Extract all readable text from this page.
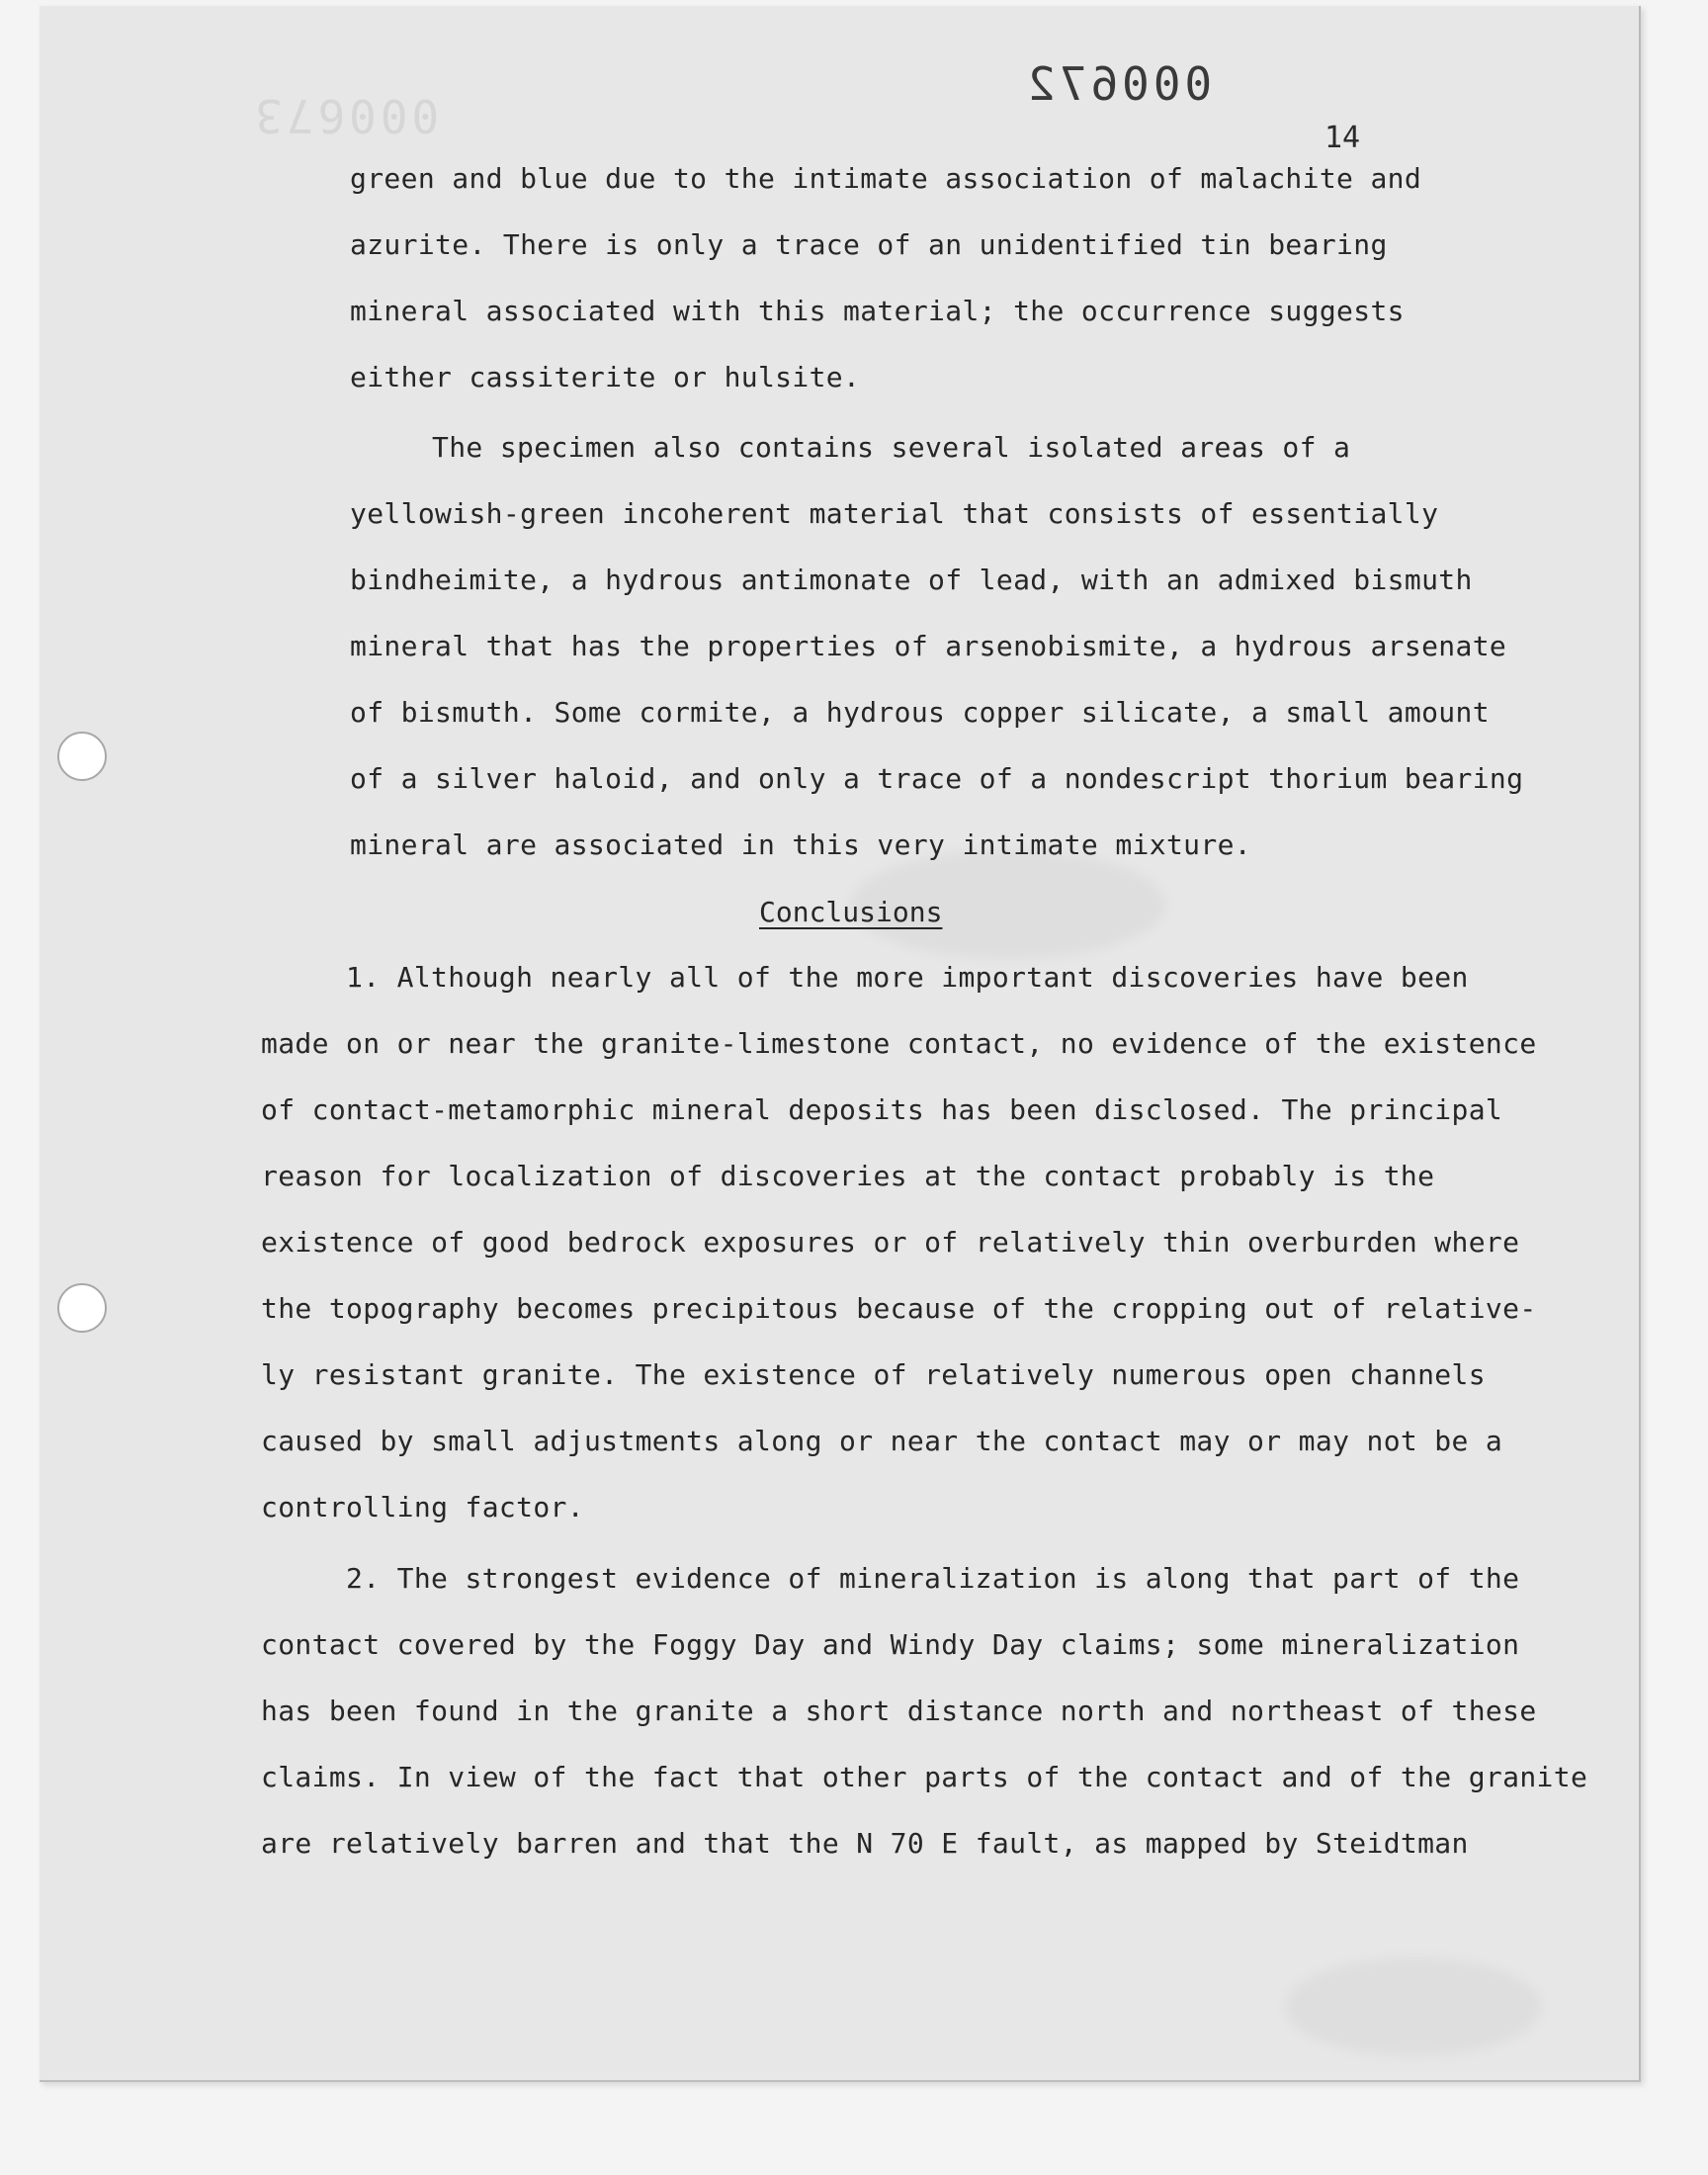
000673
000672
14
green and blue due to the intimate association of malachite and
azurite. There is only a trace of an unidentified tin bearing
mineral associated with this material; the occurrence suggests
either cassiterite or hulsite.
The specimen also contains several isolated areas of a
yellowish-green incoherent material that consists of essentially
bindheimite, a hydrous antimonate of lead, with an admixed bismuth
mineral that has the properties of arsenobismite, a hydrous arsenate
of bismuth. Some cormite, a hydrous copper silicate, a small amount
of a silver haloid, and only a trace of a nondescript thorium bearing
mineral are associated in this very intimate mixture.
Conclusions
1. Although nearly all of the more important discoveries have been
made on or near the granite-limestone contact, no evidence of the existence
of contact-metamorphic mineral deposits has been disclosed. The principal
reason for localization of discoveries at the contact probably is the
existence of good bedrock exposures or of relatively thin overburden where
the topography becomes precipitous because of the cropping out of relative-
ly resistant granite. The existence of relatively numerous open channels
caused by small adjustments along or near the contact may or may not be a
controlling factor.
2. The strongest evidence of mineralization is along that part of the
contact covered by the Foggy Day and Windy Day claims; some mineralization
has been found in the granite a short distance north and northeast of these
claims. In view of the fact that other parts of the contact and of the granite
are relatively barren and that the N 70 E fault, as mapped by Steidtman
